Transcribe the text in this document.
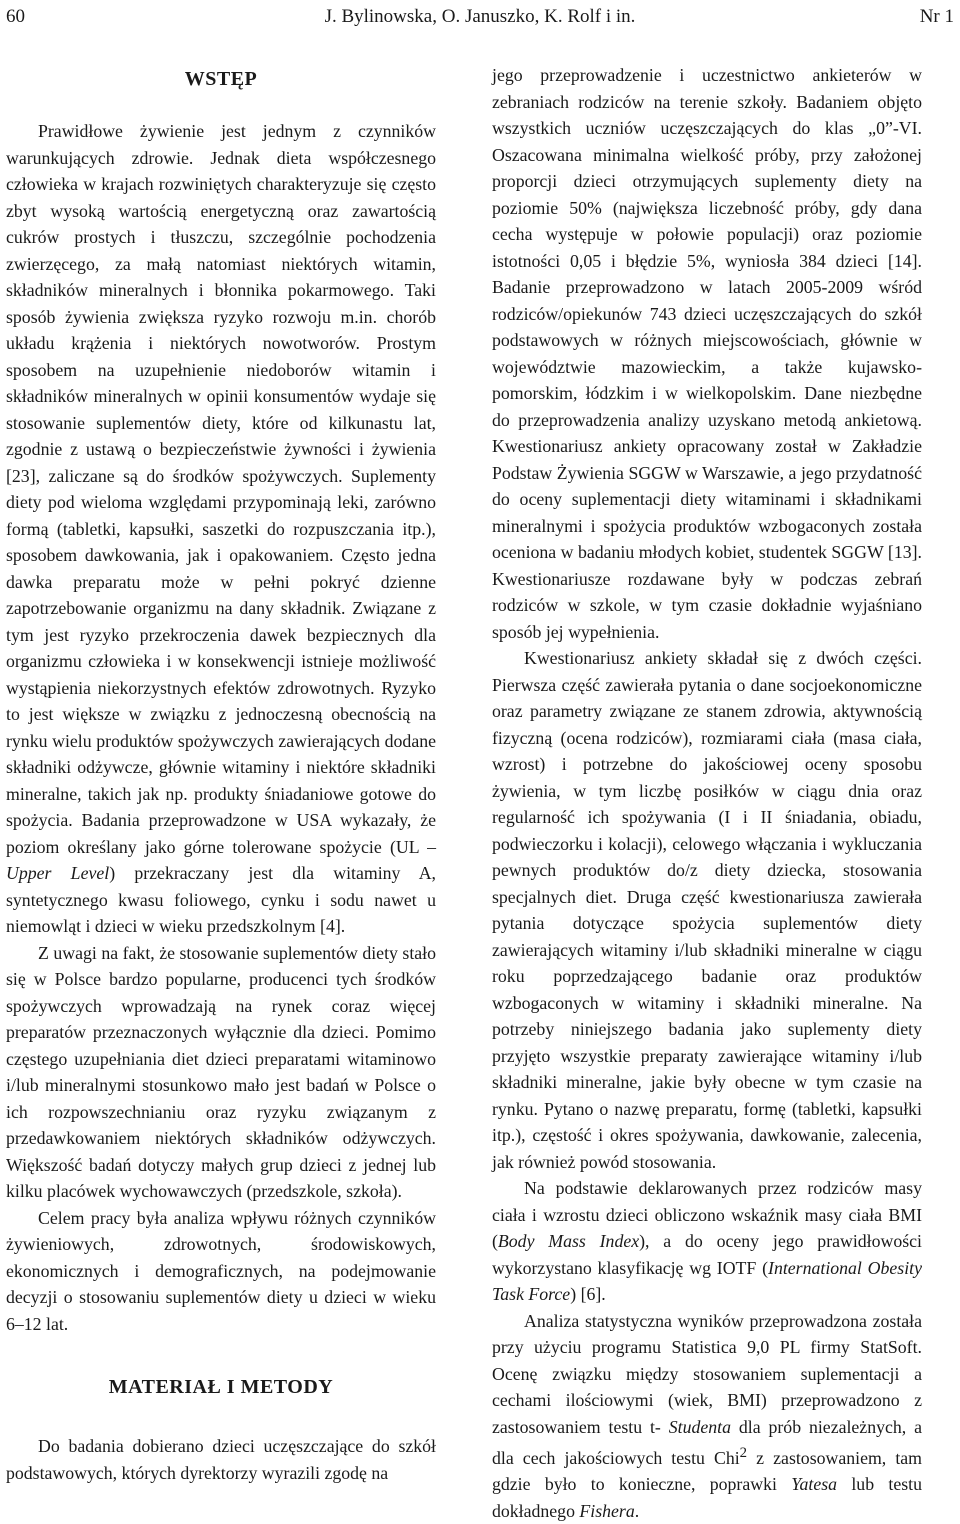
60	J. Bylinowska, O. Januszko, K. Rolf i in.	Nr 1
WSTĘP

Prawidłowe żywienie jest jednym z czynników warunkujących zdrowie. Jednak dieta współczesnego człowieka w krajach rozwiniętych charakteryzuje się często zbyt wysoką wartością energetyczną oraz zawartością cukrów prostych i tłuszczu, szczególnie pochodzenia zwierzęcego, za małą natomiast niektórych witamin, składników mineralnych i błonnika pokarmowego. Taki sposób żywienia zwiększa ryzyko rozwoju m.in. chorób układu krążenia i niektórych nowotworów. Prostym sposobem na uzupełnienie niedoborów witamin i składników mineralnych w opinii konsumentów wydaje się stosowanie suplementów diety, które od kilkunastu lat, zgodnie z ustawą o bezpieczeństwie żywności i żywienia [23], zaliczane są do środków spożywczych. Suplementy diety pod wieloma względami przypominają leki, zarówno formą (tabletki, kapsułki, saszetki do rozpuszczania itp.), sposobem dawkowania, jak i opakowaniem. Często jedna dawka preparatu może w pełni pokryć dzienne zapotrzebowanie organizmu na dany składnik. Związane z tym jest ryzyko przekroczenia dawek bezpiecznych dla organizmu człowieka i w konsekwencji istnieje możliwość wystąpienia niekorzystnych efektów zdrowotnych. Ryzyko to jest większe w związku z jednoczesną obecnością na rynku wielu produktów spożywczych zawierających dodane składniki odżywcze, głównie witaminy i niektóre składniki mineralne, takich jak np. produkty śniadaniowe gotowe do spożycia. Badania przeprowadzone w USA wykazały, że poziom określany jako górne tolerowane spożycie (UL – Upper Level) przekraczany jest dla witaminy A, syntetycznego kwasu foliowego, cynku i sodu nawet u niemowląt i dzieci w wieku przedszkolnym [4].

Z uwagi na fakt, że stosowanie suplementów diety stało się w Polsce bardzo popularne, producenci tych środków spożywczych wprowadzają na rynek coraz więcej preparatów przeznaczonych wyłącznie dla dzieci. Pomimo częstego uzupełniania diet dzieci preparatami witaminowo i/lub mineralnymi stosunkowo mało jest badań w Polsce o ich rozpowszechnianiu oraz ryzyku związanym z przedawkowaniem niektórych składników odżywczych. Większość badań dotyczy małych grup dzieci z jednej lub kilku placówek wychowawczych (przedszkole, szkoła).

Celem pracy była analiza wpływu różnych czynników żywieniowych, zdrowotnych, środowiskowych, ekonomicznych i demograficznych, na podejmowanie decyzji o stosowaniu suplementów diety u dzieci w wieku 6–12 lat.

MATERIAŁ I METODY

Do badania dobierano dzieci uczęszczające do szkół podstawowych, których dyrektorzy wyrazili zgodę na

jego przeprowadzenie i uczestnictwo ankieterów w zebraniach rodziców na terenie szkoły. Badaniem objęto wszystkich uczniów uczęszczających do klas „0”-VI. Oszacowana minimalna wielkość próby, przy założonej proporcji dzieci otrzymujących suplementy diety na poziomie 50% (największa liczebność próby, gdy dana cecha występuje w połowie populacji) oraz poziomie istotności 0,05 i błędzie 5%, wyniosła 384 dzieci [14]. Badanie przeprowadzono w latach 2005-2009 wśród rodziców/opiekunów 743 dzieci uczęszczających do szkół podstawowych w różnych miejscowościach, głównie w województwie mazowieckim, a także kujawsko-pomorskim, łódzkim i w wielkopolskim. Dane niezbędne do przeprowadzenia analizy uzyskano metodą ankietową. Kwestionariusz ankiety opracowany został w Zakładzie Podstaw Żywienia SGGW w Warszawie, a jego przydatność do oceny suplementacji diety witaminami i składnikami mineralnymi i spożycia produktów wzbogaconych została oceniona w badaniu młodych kobiet, studentek SGGW [13]. Kwestionariusze rozdawane były w podczas zebrań rodziców w szkole, w tym czasie dokładnie wyjaśniano sposób jej wypełnienia.

Kwestionariusz ankiety składał się z dwóch części. Pierwsza część zawierała pytania o dane socjoekonomiczne oraz parametry związane ze stanem zdrowia, aktywnością fizyczną (ocena rodziców), rozmiarami ciała (masa ciała, wzrost) i potrzebne do jakościowej oceny sposobu żywienia, w tym liczbę posiłków w ciągu dnia oraz regularność ich spożywania (I i II śniadania, obiadu, podwieczorku i kolacji), celowego włączania i wykluczania pewnych produktów do/z diety dziecka, stosowania specjalnych diet. Druga część kwestionariusza zawierała pytania dotyczące spożycia suplementów diety zawierających witaminy i/lub składniki mineralne w ciągu roku poprzedzającego badanie oraz produktów wzbogaconych w witaminy i składniki mineralne. Na potrzeby niniejszego badania jako suplementy diety przyjęto wszystkie preparaty zawierające witaminy i/lub składniki mineralne, jakie były obecne w tym czasie na rynku. Pytano o nazwę preparatu, formę (tabletki, kapsułki itp.), częstość i okres spożywania, dawkowanie, zalecenia, jak również powód stosowania.

Na podstawie deklarowanych przez rodziców masy ciała i wzrostu dzieci obliczono wskaźnik masy ciała BMI (Body Mass Index), a do oceny jego prawidłowości wykorzystano klasyfikację wg IOTF (International Obesity Task Force) [6].

Analiza statystyczna wyników przeprowadzona została przy użyciu programu Statistica 9,0 PL firmy StatSoft. Ocenę związku między stosowaniem suplementacji a cechami ilościowymi (wiek, BMI) przeprowadzono z zastosowaniem testu t- Studenta dla prób niezależnych, a dla cech jakościowych testu Chi$^2$ z zastosowaniem, tam gdzie było to konieczne, poprawki Yatesa lub testu dokładnego Fishera.
